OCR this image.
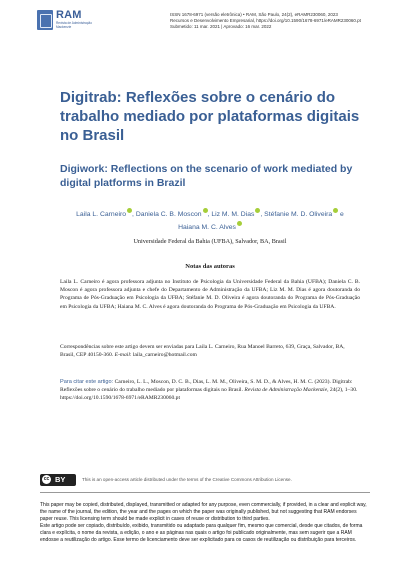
RAM
Revista de Administração Mackenzie
ISSN 1678-6971 (versão eletrônica) • RAM, São Paulo, 24(2), eRAMR230060, 2023
Recursos e Desenvolvimento Empresarial, https://doi.org/10.1590/1678-6971/eRAMR230060.pt
Submetido: 11 mar. 2021 | Aprovado: 16 mar. 2022
Digitrab: Reflexões sobre o cenário do trabalho mediado por plataformas digitais no Brasil
Digiwork: Reflections on the scenario of work mediated by digital platforms in Brazil
Laila L. Carneiro , Daniela C. B. Moscon , Liz M. M. Dias , Stéfanie M. D. Oliveira e
Haiana M. C. Alves
Universidade Federal da Bahia (UFBA), Salvador, BA, Brasil
Notas das autoras
Laila L. Carneiro é agora professora adjunta no Instituto de Psicologia da Universidade Federal da Bahia (UFBA); Daniela C. B. Moscon é agora professora adjunta e chefe do Departamento de Administração da UFBA; Liz M. M. Dias é agora doutoranda do Programa de Pós-Graduação em Psicologia da UFBA; Stéfanie M. D. Oliveira é agora doutoranda do Programa de Pós-Graduação em Psicologia da UFBA; Haiana M. C. Alves é agora doutoranda do Programa de Pós-Graduação em Psicologia da UFBA.
Correspondências sobre este artigo devem ser enviadas para Laila L. Carneiro, Rua Manoel Barreto, 639, Graça, Salvador, BA, Brasil, CEP 40150-360. E-mail: laila_carneiro@hotmail.com
Para citar este artigo: Carneiro, L. L., Moscon, D. C. B., Dias, L. M. M., Oliveira, S. M. D., & Alves, H. M. C. (2023). Digitrab: Reflexões sobre o cenário do trabalho mediado por plataformas digitais no Brasil. Revista de Administração Mackenzie, 24(2), 1–30. https://doi.org/10.1590/1678-6971/eRAMR230060.pt
cc BY	This is an open-access article distributed under the terms of the Creative Commons Attribution License.

This paper may be copied, distributed, displayed, transmitted or adapted for any purpose, even commercially, if provided, in a clear and explicit way, the name of the journal, the edition, the year and the pages on which the paper was originally published, but not suggesting that RAM endorses paper reuse. This licensing term should be made explicit in cases of reuse or distribution to third parties.

Este artigo pode ser copiado, distribuído, exibido, transmitido ou adaptado para qualquer fim, mesmo que comercial, desde que citados, de forma clara e explícita, o nome da revista, a edição, o ano e as páginas nas quais o artigo foi publicado originalmente, mas sem sugerir que a RAM endosse a reutilização do artigo. Esse termo de licenciamento deve ser explicitado para os casos de reutilização ou distribuição para terceiros.
